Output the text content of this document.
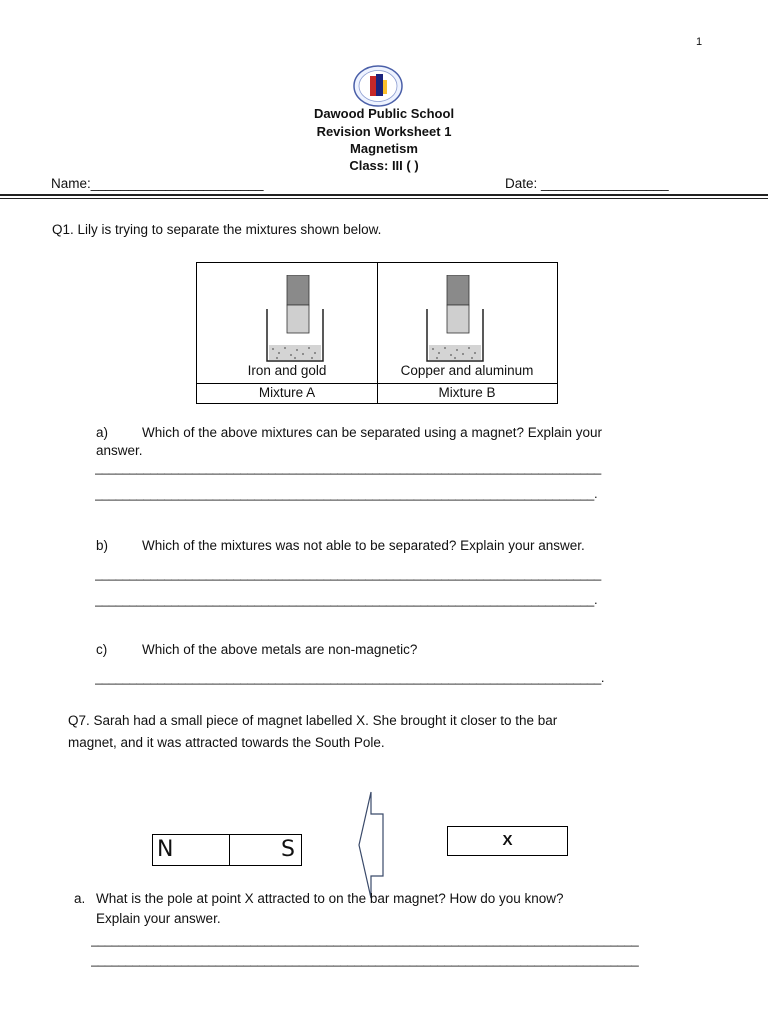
1
Dawood Public School
Revision Worksheet 1
Magnetism
Class: III ( )
Name:_______________________	Date: _________________
Q1. Lily is trying to separate the mixtures shown below.
Iron and gold	Copper and aluminum
Mixture A	Mixture B
a)	Which of the above mixtures can be separated using a magnet? Explain your
answer.
_________________________________________________________________________
________________________________________________________________________.
b)	Which of the mixtures was not able to be separated? Explain your answer.
_________________________________________________________________________
________________________________________________________________________.
c)	Which of the above metals are non-magnetic?
_________________________________________________________________________.
Q7. Sarah had a small piece of magnet labelled X. She brought it closer to the bar
magnet, and it was attracted towards the South Pole.
N	S	X
a. What is the pole at point X attracted to on the bar magnet? How do you know?
Explain your answer.
_______________________________________________________________________________
_______________________________________________________________________________
